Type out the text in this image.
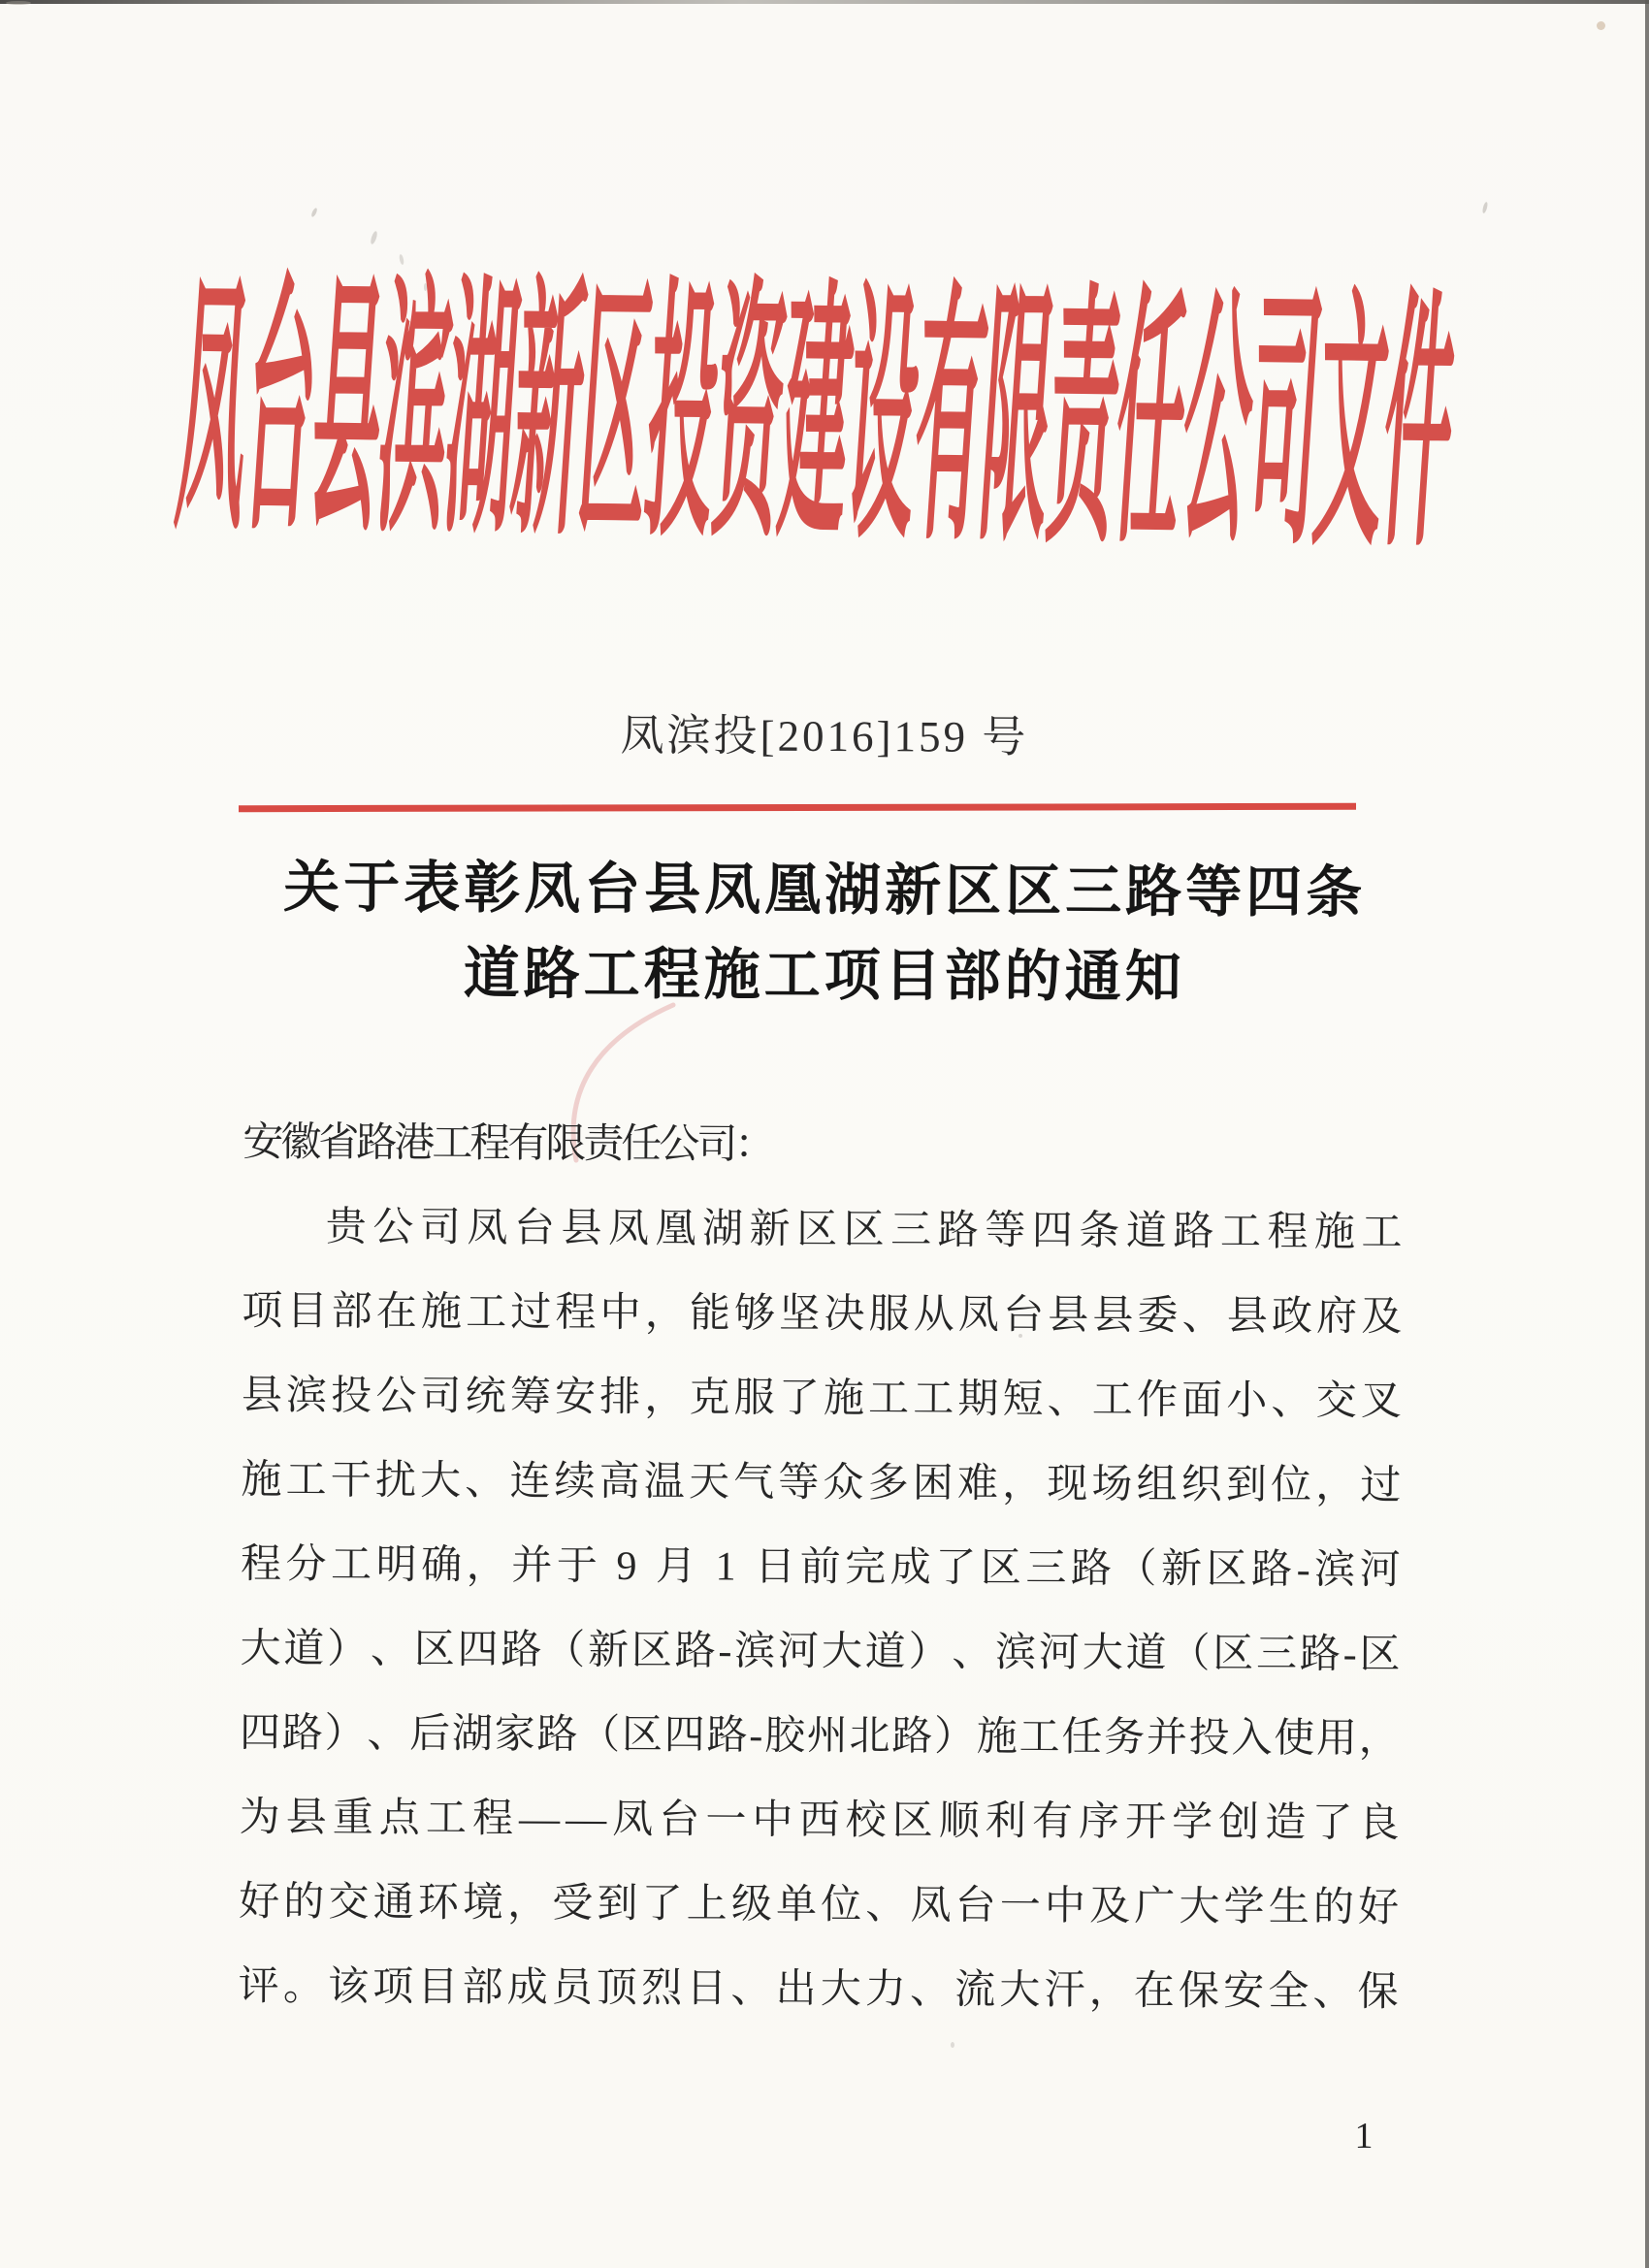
凤台县滨湖新区投资建设有限责任公司文件
凤滨投[2016]159 号
关于表彰凤台县凤凰湖新区区三路等四条
道路工程施工项目部的通知
安徽省路港工程有限责任公司：
贵 公 司 凤 台 县 凤 凰 湖 新 区 区 三 路 等 四 条 道 路 工 程 施 工
项 目 部 在 施 工 过 程 中 ， 能 够 坚 决 服 从 凤 台 县 县 委 、 县 政 府 及
县 滨 投 公 司 统 筹 安 排 ， 克 服 了 施 工 工 期 短 、 工 作 面 小 、 交 叉
施 工 干 扰 大 、 连 续 高 温 天 气 等 众 多 困 难 ， 现 场 组 织 到 位 ， 过
程 分 工 明 确 ， 并 于
9
月
1
日 前 完 成 了 区 三 路 （ 新 区 路 - 滨 河
大 道 ） 、 区 四 路 （ 新 区 路 - 滨 河 大 道 ） 、 滨 河 大 道 （ 区 三 路 - 区
四 路 ） 、 后 湖 家 路 （ 区 四 路 - 胶 州 北 路 ） 施 工 任 务 并 投 入 使 用 ，
为 县 重 点 工 程 — — 凤 台 一 中 西 校 区 顺 利 有 序 开 学 创 造 了 良
好 的 交 通 环 境 ， 受 到 了 上 级 单 位 、 凤 台 一 中 及 广 大 学 生 的 好
评 。 该 项 目 部 成 员 顶 烈 日 、 出 大 力 、 流 大 汗 ， 在 保 安 全 、 保
1
